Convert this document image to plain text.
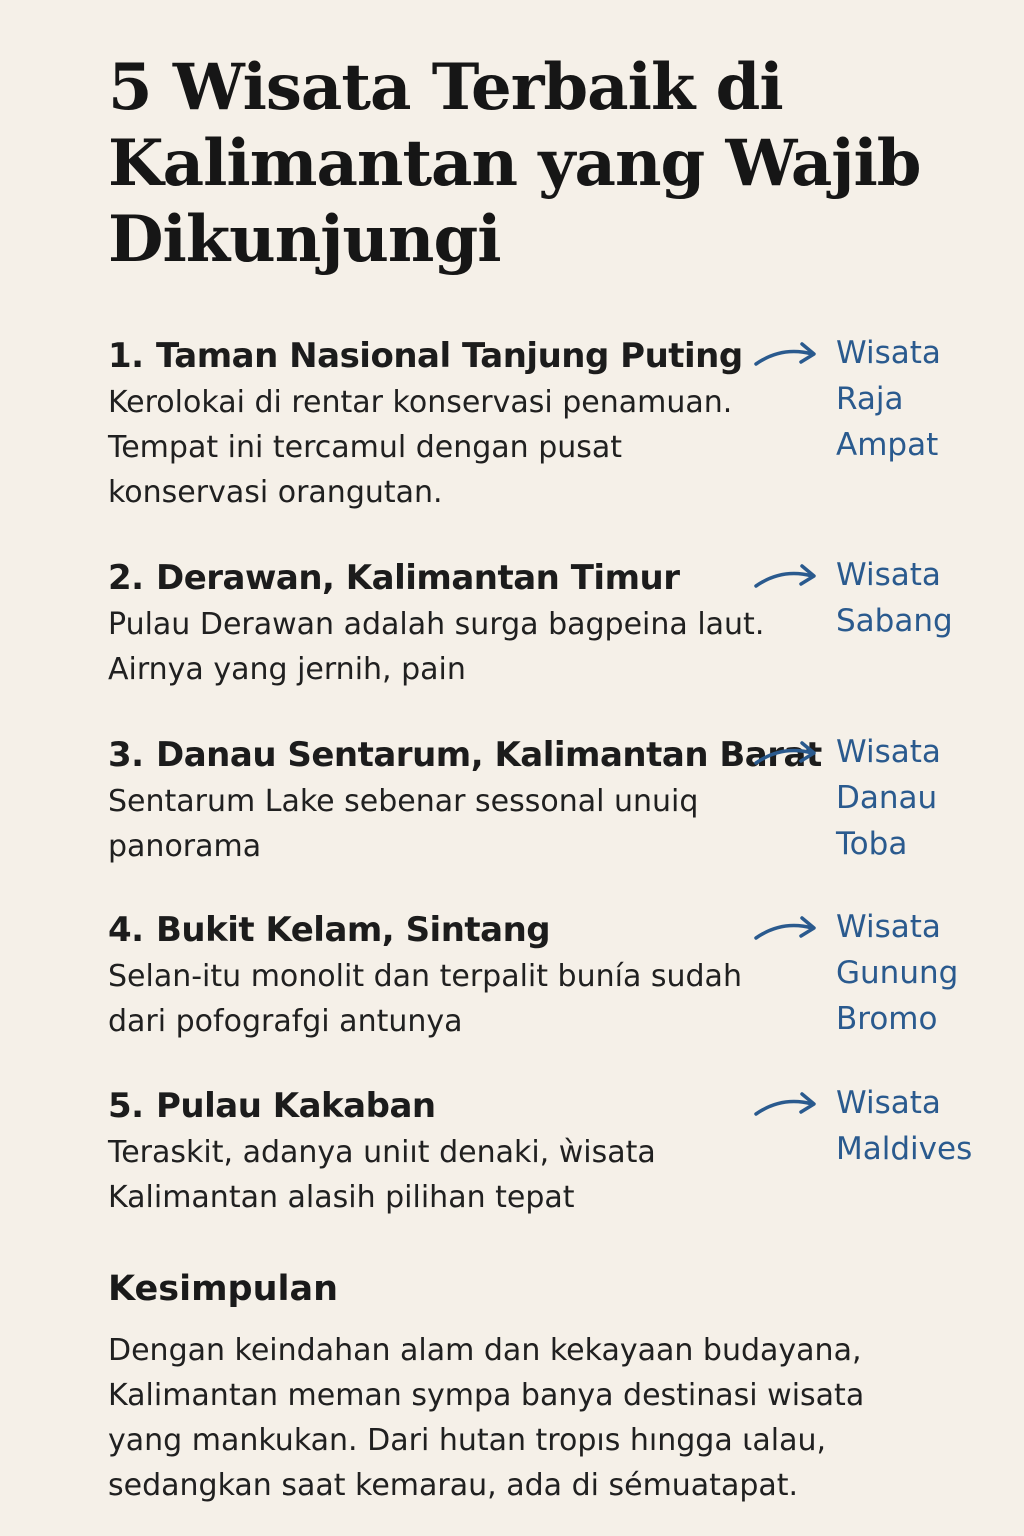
5 Wisata Terbaik di Kalimantan yang Wajib Dikunjungi
1. Taman Nasional Tanjung Puting

Kerolokai di rentar konservasi penamuan. Tempat ini tercamul dengan pusat konservasi orangutan.

Wisata Raja Ampat

2. Derawan, Kalimantan Timur

Pulau Derawan adalah surga bagpeina laut. Airnya yang jernih, pain

Wisata Sabang

3. Danau Sentarum, Kalimantan Barat

Sentarum Lake sebenar sessonal unuiq panorama

Wisata Danau Toba

4. Bukit Kelam, Sintang

Selan-itu monolit dan terpalit bunía sudah dari pofografgi antunya

Wisata Gunung Bromo

5. Pulau Kakaban

Teraskit, adanya uniıt denaki, ẁisata Kalimantan alasih pilihan tepat

Wisata Maldives

Kesimpulan

Dengan keindahan alam dan kekayaan budayana, Kalimantan meman sympa banya destinasi wisata yang mankukan. Dari hutan tropıs hıngga ɩalau, sedangkan saat kemarau, ada di sémuatapat.
